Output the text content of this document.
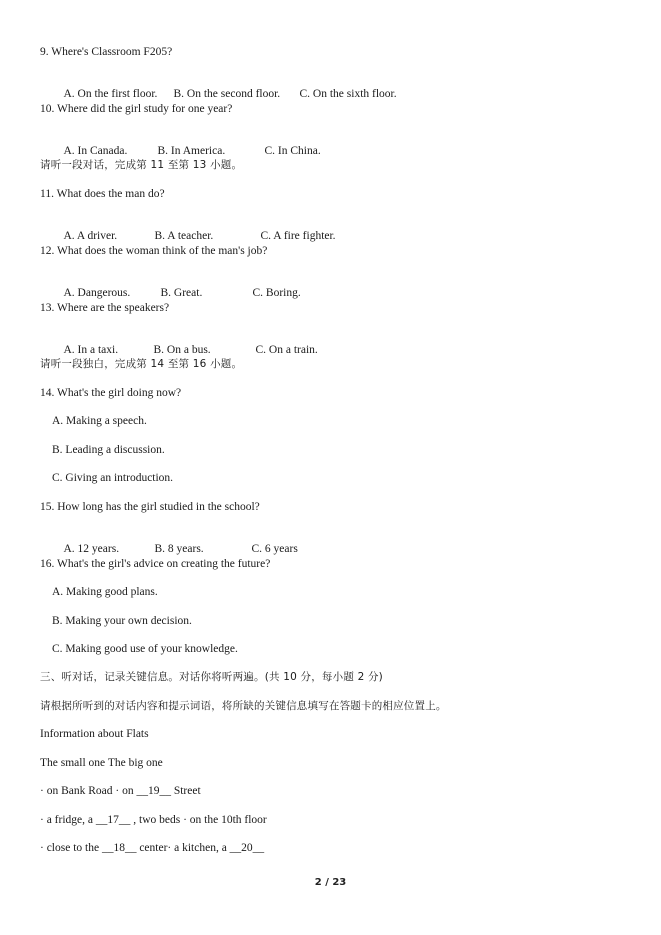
9. Where's Classroom F205?

A. On the first floor. B. On the second floor. C. On the sixth floor.

10. Where did the girl study for one year?

A. In Canada.	B. In America.	C. In China.

请听一段对话，完成第 11 至第 13 小题。
11. What does the man do?

A. A driver.	B. A teacher.	C. A fire fighter.

12. What does the woman think of the man's job?

A. Dangerous.	B. Great.	C. Boring.

13. Where are the speakers?

A. In a taxi.	B. On a bus.	C. On a train.

请听一段独白，完成第 14 至第 16 小题。
14. What's the girl doing now?
A. Making a speech.
B. Leading a discussion.
C. Giving an introduction.
15. How long has the girl studied in the school?

A. 12 years.	B. 8 years.	C. 6 years

16. What's the girl's advice on creating the future?
A. Making good plans.
B. Making your own decision.
C. Making good use of your knowledge.
三、听对话，记录关键信息。对话你将听两遍。(共 10 分，每小题 2 分)
请根据所听到的对话内容和提示词语，将所缺的关键信息填写在答题卡的相应位置上。
Information about Flats
The small one The big one
· on Bank Road · on __19__ Street
· a fridge, a __17__ , two beds · on the 10th floor
· close to the __18__ center· a kitchen, a __20__
2 / 23
